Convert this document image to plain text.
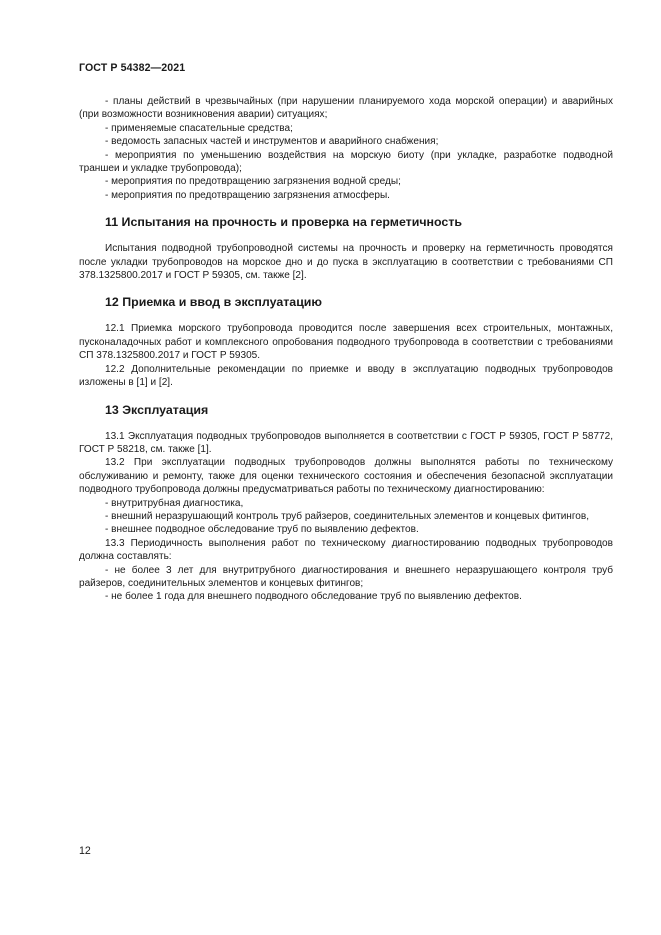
ГОСТ Р 54382—2021

- планы действий в чрезвычайных (при нарушении планируемого хода морской операции) и аварийных (при возможности возникновения аварии) ситуациях;

- применяемые спасательные средства;

- ведомость запасных частей и инструментов и аварийного снабжения;

- мероприятия по уменьшению воздействия на морскую биоту (при укладке, разработке подводной траншеи и укладке трубопровода);

- мероприятия по предотвращению загрязнения водной среды;

- мероприятия по предотвращению загрязнения атмосферы.

11 Испытания на прочность и проверка на герметичность

Испытания подводной трубопроводной системы на прочность и проверку на герметичность проводятся после укладки трубопроводов на морское дно и до пуска в эксплуатацию в соответствии с требованиями СП 378.1325800.2017 и ГОСТ Р 59305, см. также [2].

12 Приемка и ввод в эксплуатацию

12.1 Приемка морского трубопровода проводится после завершения всех строительных, монтажных, пусконаладочных работ и комплексного опробования подводного трубопровода в соответствии с требованиями СП 378.1325800.2017 и ГОСТ Р 59305.

12.2 Дополнительные рекомендации по приемке и вводу в эксплуатацию подводных трубопроводов изложены в [1] и [2].

13 Эксплуатация

13.1 Эксплуатация подводных трубопроводов выполняется в соответствии с ГОСТ Р 59305, ГОСТ Р 58772, ГОСТ Р 58218, см. также [1].

13.2 При эксплуатации подводных трубопроводов должны выполнятся работы по техническому обслуживанию и ремонту, также для оценки технического состояния и обеспечения безопасной эксплуатации подводного трубопровода должны предусматриваться работы по техническому диагностированию:

- внутритрубная диагностика,

- внешний неразрушающий контроль труб райзеров, соединительных элементов и концевых фитингов,

- внешнее подводное обследование труб по выявлению дефектов.

13.3 Периодичность выполнения работ по техническому диагностированию подводных трубопроводов должна составлять:

- не более 3 лет для внутритрубного диагностирования и внешнего неразрушающего контроля труб райзеров, соединительных элементов и концевых фитингов;

- не более 1 года для внешнего подводного обследование труб по выявлению дефектов.

12
